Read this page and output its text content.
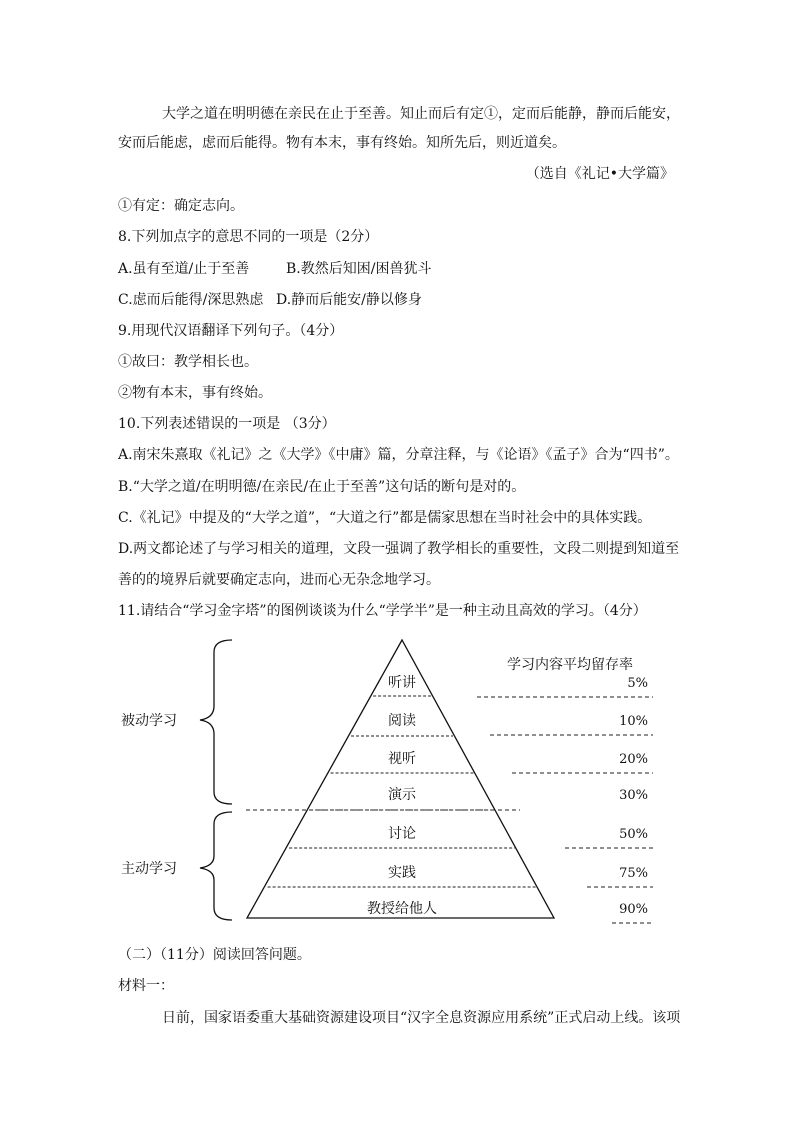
大学之道在明明德在亲民在止于至善。知止而后有定①，定而后能静，静而后能安，
安而后能虑，虑而后能得。物有本末，事有终始。知所先后，则近道矣。
（选自《礼记•大学篇》
①有定：确定志向。
8.下列加点字的意思不同的一项是（2分）
A.虽有至道/止于至善	B.教然后知困/困兽犹斗
C.虑而后能得/深思熟虑 D.静而后能安/静以修身
9.用现代汉语翻译下列句子。（4分）
①故曰：教学相长也。
②物有本末，事有终始。
10.下列表述错误的一项是 （3分）
A.南宋朱熹取《礼记》之《大学》《中庸》篇，分章注释，与《论语》《孟子》合为“四书”。
B.“大学之道/在明明德/在亲民/在止于至善”这句话的断句是对的。
C.《礼记》中提及的“大学之道”，“大道之行”都是儒家思想在当时社会中的具体实践。
D.两文都论述了与学习相关的道理，文段一强调了教学相长的重要性，文段二则提到知道至
善的的境界后就要确定志向，进而心无杂念地学习。
11.请结合“学习金字塔”的图例谈谈为什么“学学半”是一种主动且高效的学习。（4分）
被动学习
主动学习
学习内容平均留存率
听讲	5%
阅读	10%
视听	20%
演示	30%
讨论	50%
实践	75%
教授给他人	90%
（二）（11分）阅读回答问题。
材料一：
日前，国家语委重大基础资源建设项目“汉字全息资源应用系统”正式启动上线。该项
